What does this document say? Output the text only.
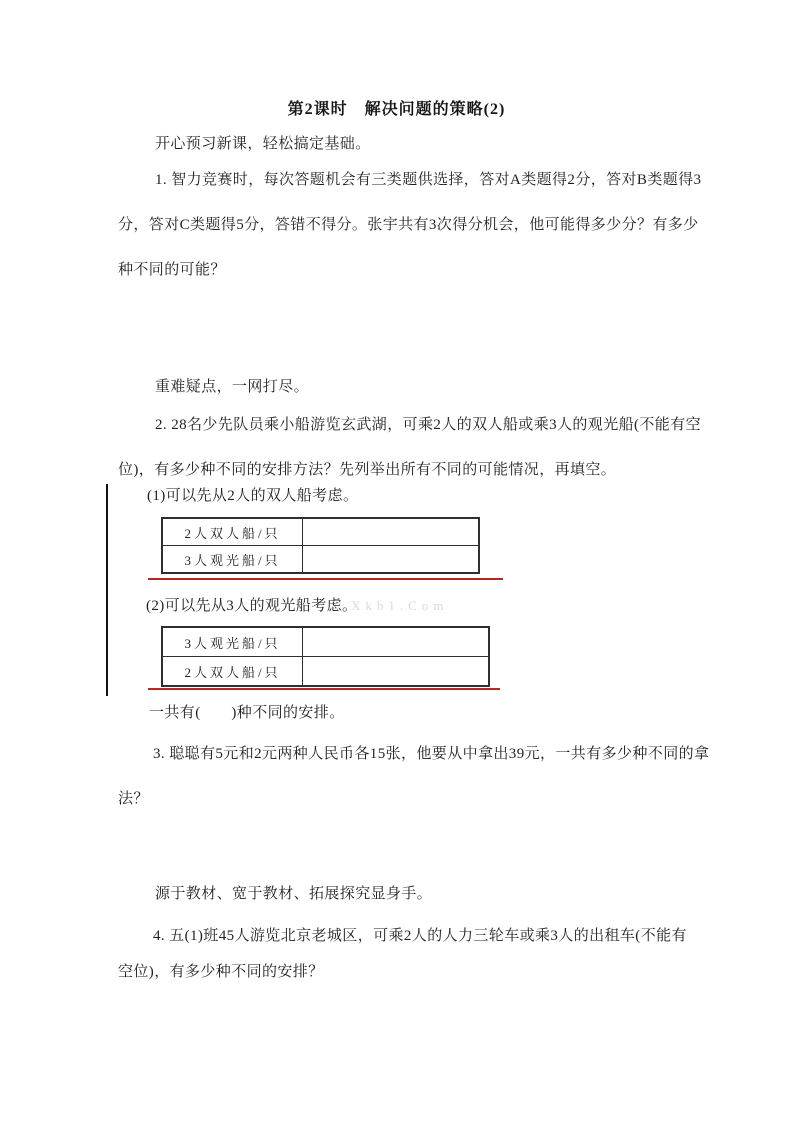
第2课时　解决问题的策略(2)
开心预习新课，轻松搞定基础。
1. 智力竞赛时，每次答题机会有三类题供选择，答对A类题得2分，答对B类题得3
分，答对C类题得5分，答错不得分。张宇共有3次得分机会，他可能得多少分？有多少
种不同的可能？
重难疑点，一网打尽。
2. 28名少先队员乘小船游览玄武湖，可乘2人的双人船或乘3人的观光船(不能有空
位)，有多少种不同的安排方法？先列举出所有不同的可能情况，再填空。
(1)可以先从2人的双人船考虑。
2人双人船/只
3人观光船/只
(2)可以先从3人的观光船考虑。
Xkb1.Com
3人观光船/只
2人双人船/只
一共有(　　)种不同的安排。
3. 聪聪有5元和2元两种人民币各15张，他要从中拿出39元，一共有多少种不同的拿
法？
源于教材、宽于教材、拓展探究显身手。
4. 五(1)班45人游览北京老城区，可乘2人的人力三轮车或乘3人的出租车(不能有
空位)，有多少种不同的安排？
